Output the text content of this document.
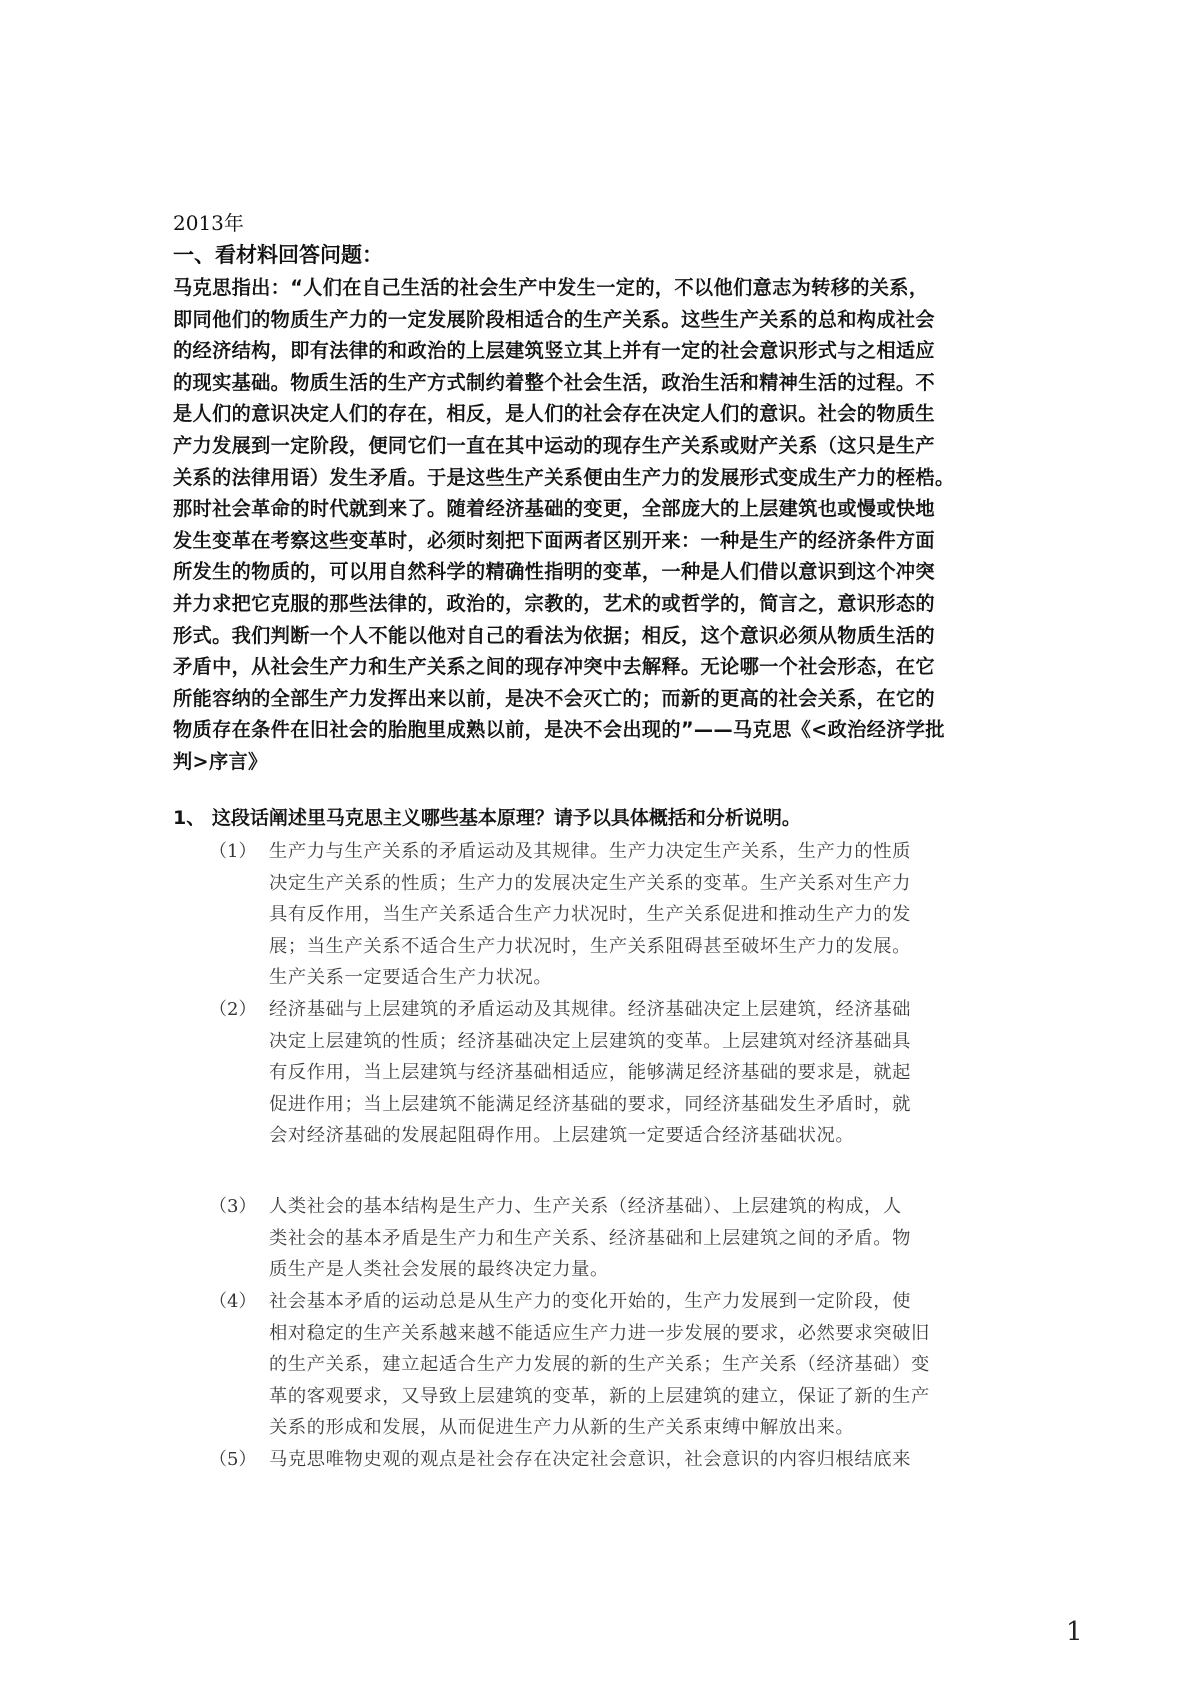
2013年
一、看材料回答问题：
马克思指出：“人们在自己生活的社会生产中发生一定的，不以他们意志为转移的关系，
即同他们的物质生产力的一定发展阶段相适合的生产关系。这些生产关系的总和构成社会
的经济结构，即有法律的和政治的上层建筑竖立其上并有一定的社会意识形式与之相适应
的现实基础。物质生活的生产方式制约着整个社会生活，政治生活和精神生活的过程。不
是人们的意识决定人们的存在，相反，是人们的社会存在决定人们的意识。社会的物质生
产力发展到一定阶段，便同它们一直在其中运动的现存生产关系或财产关系（这只是生产
关系的法律用语）发生矛盾。于是这些生产关系便由生产力的发展形式变成生产力的桎梏。
那时社会革命的时代就到来了。随着经济基础的变更，全部庞大的上层建筑也或慢或快地
发生变革在考察这些变革时，必须时刻把下面两者区别开来：一种是生产的经济条件方面
所发生的物质的，可以用自然科学的精确性指明的变革，一种是人们借以意识到这个冲突
并力求把它克服的那些法律的，政治的，宗教的，艺术的或哲学的，简言之，意识形态的
形式。我们判断一个人不能以他对自己的看法为依据；相反，这个意识必须从物质生活的
矛盾中，从社会生产力和生产关系之间的现存冲突中去解释。无论哪一个社会形态，在它
所能容纳的全部生产力发挥出来以前，是决不会灭亡的；而新的更高的社会关系，在它的
物质存在条件在旧社会的胎胞里成熟以前，是决不会出现的”——马克思《<政治经济学批
判>序言》
1、 这段话阐述里马克思主义哪些基本原理？请予以具体概括和分析说明。
（1） 生产力与生产关系的矛盾运动及其规律。生产力决定生产关系，生产力的性质
决定生产关系的性质；生产力的发展决定生产关系的变革。生产关系对生产力
具有反作用，当生产关系适合生产力状况时，生产关系促进和推动生产力的发
展；当生产关系不适合生产力状况时，生产关系阻碍甚至破坏生产力的发展。
生产关系一定要适合生产力状况。
（2） 经济基础与上层建筑的矛盾运动及其规律。经济基础决定上层建筑，经济基础
决定上层建筑的性质；经济基础决定上层建筑的变革。上层建筑对经济基础具
有反作用，当上层建筑与经济基础相适应，能够满足经济基础的要求是，就起
促进作用；当上层建筑不能满足经济基础的要求，同经济基础发生矛盾时，就
会对经济基础的发展起阻碍作用。上层建筑一定要适合经济基础状况。
（3） 人类社会的基本结构是生产力、生产关系（经济基础）、上层建筑的构成，人
类社会的基本矛盾是生产力和生产关系、经济基础和上层建筑之间的矛盾。物
质生产是人类社会发展的最终决定力量。
（4） 社会基本矛盾的运动总是从生产力的变化开始的，生产力发展到一定阶段，使
相对稳定的生产关系越来越不能适应生产力进一步发展的要求，必然要求突破旧
的生产关系，建立起适合生产力发展的新的生产关系；生产关系（经济基础）变
革的客观要求，又导致上层建筑的变革，新的上层建筑的建立，保证了新的生产
关系的形成和发展，从而促进生产力从新的生产关系束缚中解放出来。
（5） 马克思唯物史观的观点是社会存在决定社会意识，社会意识的内容归根结底来
1
